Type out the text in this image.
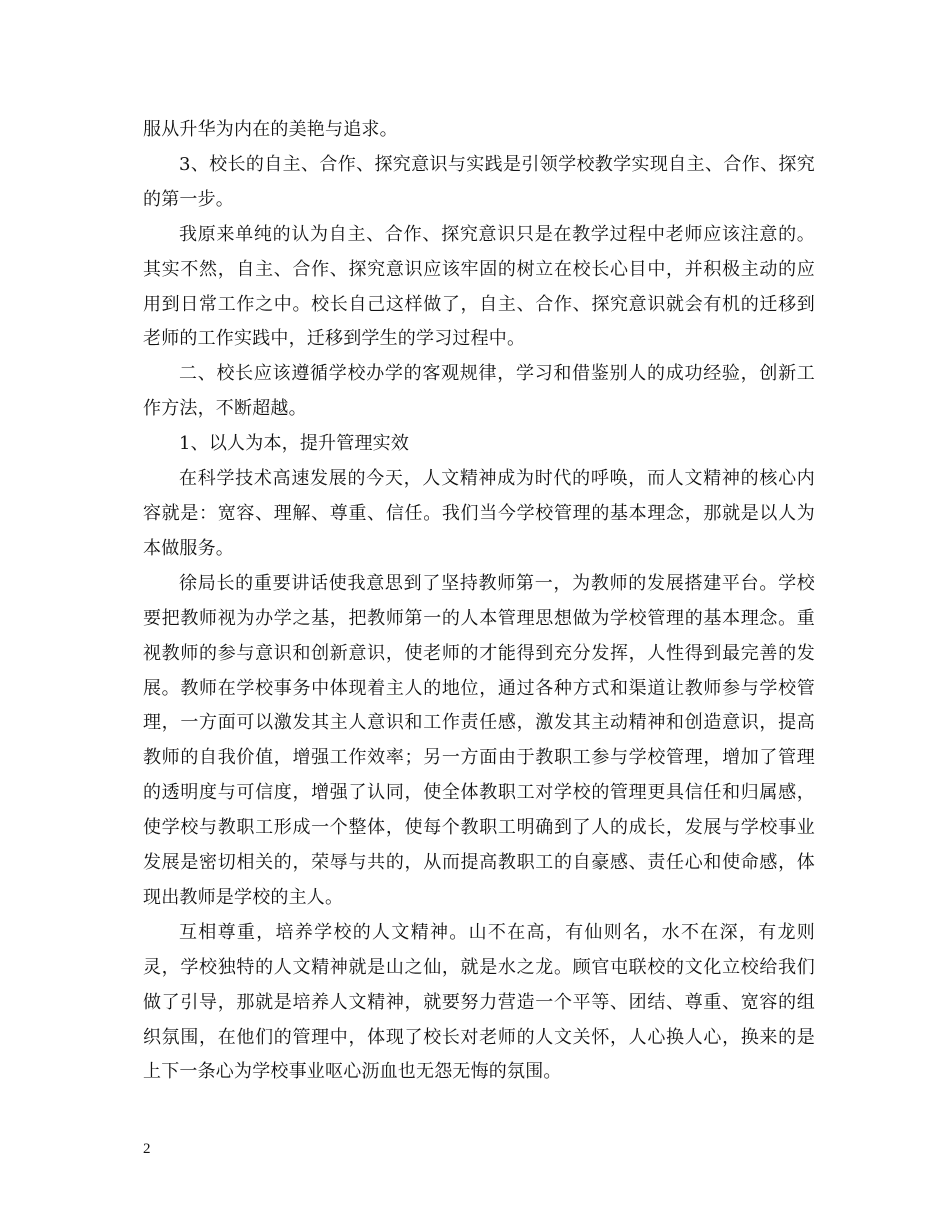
服从升华为内在的美艳与追求。

3、校长的自主、合作、探究意识与实践是引领学校教学实现自主、合作、探究的第一步。

我原来单纯的认为自主、合作、探究意识只是在教学过程中老师应该注意的。其实不然，自主、合作、探究意识应该牢固的树立在校长心目中，并积极主动的应用到日常工作之中。校长自己这样做了，自主、合作、探究意识就会有机的迁移到老师的工作实践中，迁移到学生的学习过程中。

二、校长应该遵循学校办学的客观规律，学习和借鉴别人的成功经验，创新工作方法，不断超越。

1、以人为本，提升管理实效

在科学技术高速发展的今天，人文精神成为时代的呼唤，而人文精神的核心内容就是：宽容、理解、尊重、信任。我们当今学校管理的基本理念，那就是以人为本做服务。

徐局长的重要讲话使我意思到了坚持教师第一，为教师的发展搭建平台。学校要把教师视为办学之基，把教师第一的人本管理思想做为学校管理的基本理念。重视教师的参与意识和创新意识，使老师的才能得到充分发挥，人性得到最完善的发展。教师在学校事务中体现着主人的地位，通过各种方式和渠道让教师参与学校管理，一方面可以激发其主人意识和工作责任感，激发其主动精神和创造意识，提高教师的自我价值，增强工作效率；另一方面由于教职工参与学校管理，增加了管理的透明度与可信度，增强了认同，使全体教职工对学校的管理更具信任和归属感，使学校与教职工形成一个整体，使每个教职工明确到了人的成长，发展与学校事业发展是密切相关的，荣辱与共的，从而提高教职工的自豪感、责任心和使命感，体现出教师是学校的主人。

互相尊重，培养学校的人文精神。山不在高，有仙则名，水不在深，有龙则灵，学校独特的人文精神就是山之仙，就是水之龙。顾官屯联校的文化立校给我们做了引导，那就是培养人文精神，就要努力营造一个平等、团结、尊重、宽容的组织氛围，在他们的管理中，体现了校长对老师的人文关怀，人心换人心，换来的是上下一条心为学校事业呕心沥血也无怨无悔的氛围。

2
